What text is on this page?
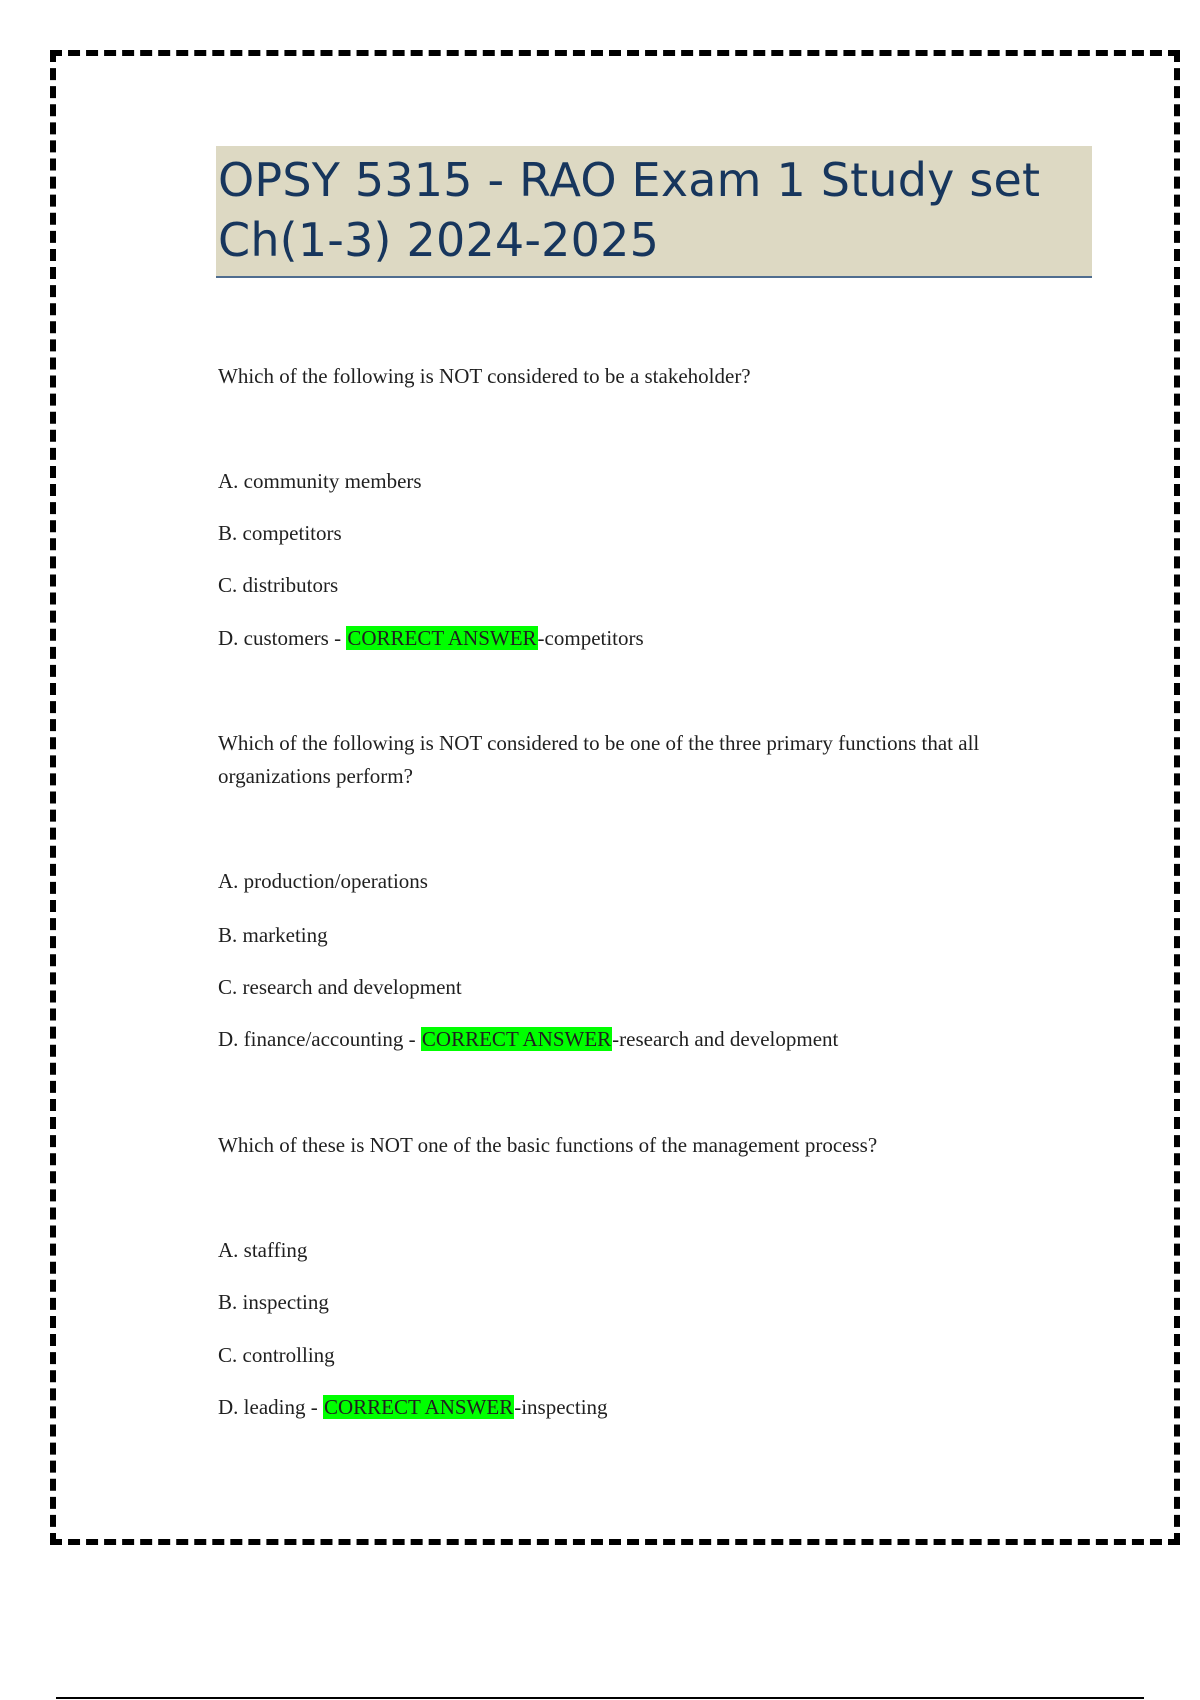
OPSY 5315 - RAO Exam 1 Study set Ch(1-3) 2024-2025
Which of the following is NOT considered to be a stakeholder?
A. community members
B. competitors
C. distributors
D. customers - CORRECT ANSWER-competitors
Which of the following is NOT considered to be one of the three primary functions that all organizations perform?
A. production/operations
B. marketing
C. research and development
D. finance/accounting - CORRECT ANSWER-research and development
Which of these is NOT one of the basic functions of the management process?
A. staffing
B. inspecting
C. controlling
D. leading - CORRECT ANSWER-inspecting
